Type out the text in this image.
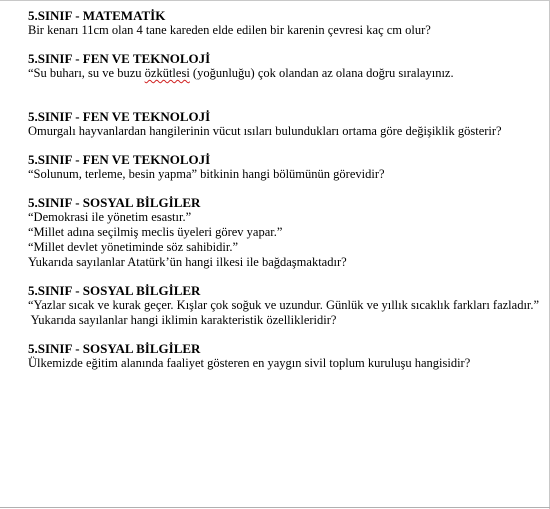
5.SINIF - MATEMATİK

Bir kenarı 11cm olan 4 tane kareden elde edilen bir karenin çevresi kaç cm olur?

5.SINIF - FEN VE TEKNOLOJİ

“Su buharı, su ve buzu özkütlesi (yoğunluğu) çok olandan az olana doğru sıralayınız.

5.SINIF - FEN VE TEKNOLOJİ

Omurgalı hayvanlardan hangilerinin vücut ısıları bulundukları ortama göre değişiklik gösterir?

5.SINIF - FEN VE TEKNOLOJİ

“Solunum, terleme, besin yapma” bitkinin hangi bölümünün görevidir?

5.SINIF - SOSYAL BİLGİLER

“Demokrasi ile yönetim esastır.”

“Millet adına seçilmiş meclis üyeleri görev yapar.”

“Millet devlet yönetiminde söz sahibidir.”

Yukarıda sayılanlar Atatürk’ün hangi ilkesi ile bağdaşmaktadır?

5.SINIF - SOSYAL BİLGİLER

“Yazlar sıcak ve kurak geçer. Kışlar çok soğuk ve uzundur. Günlük ve yıllık sıcaklık farkları fazladır.”

Yukarıda sayılanlar hangi iklimin karakteristik özellikleridir?

5.SINIF - SOSYAL BİLGİLER

Ülkemizde eğitim alanında faaliyet gösteren en yaygın sivil toplum kuruluşu hangisidir?
